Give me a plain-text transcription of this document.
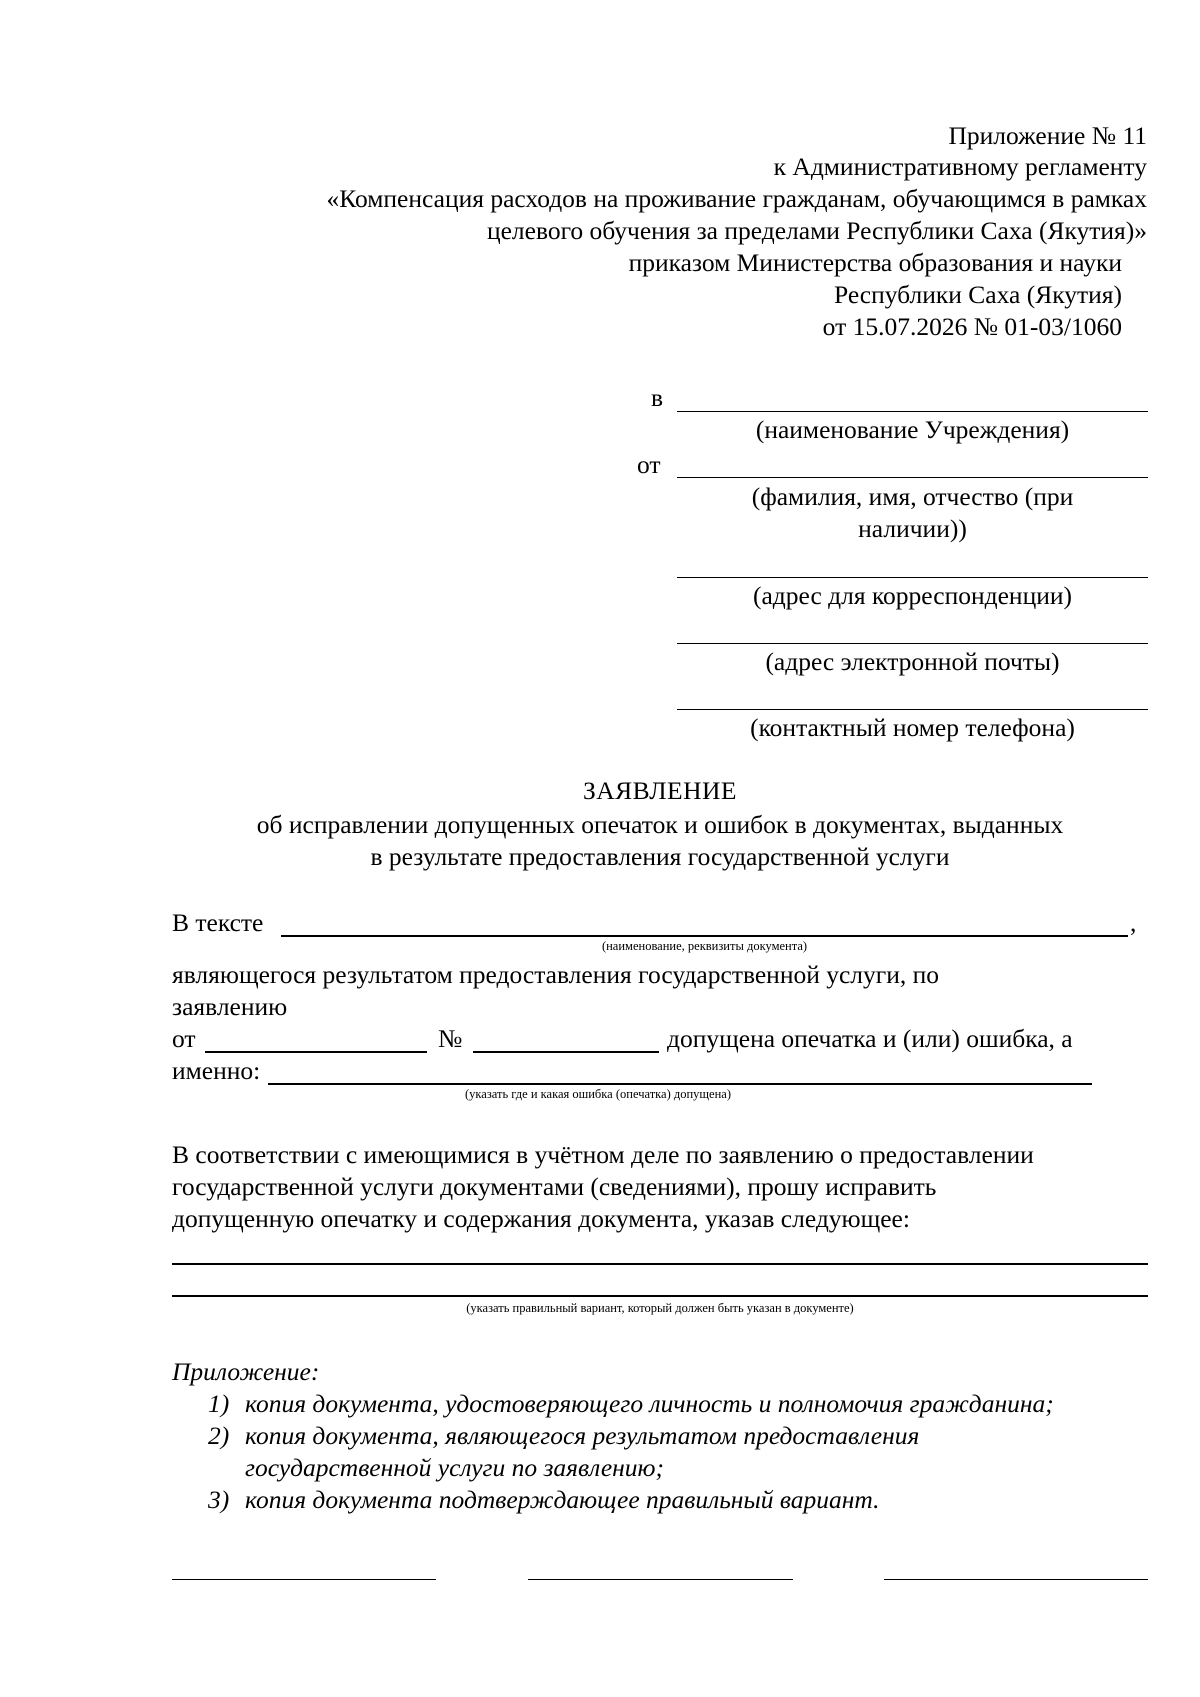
Приложение № 11
к Административному регламенту
«Компенсация расходов на проживание гражданам, обучающимся в рамках
целевого обучения за пределами Республики Саха (Якутия)»
приказом Министерства образования и науки
Республики Саха (Якутия)
от 15.07.2026 № 01-03/1060
в
(наименование Учреждения)
от
(фамилия, имя, отчество (при
наличии))
(адрес для корреспонденции)
(адрес электронной почты)
(контактный номер телефона)
ЗАЯВЛЕНИЕ
об исправлении допущенных опечаток и ошибок в документах, выданных
в результате предоставления государственной услуги
В тексте	,
(наименование, реквизиты документа)
являющегося результатом предоставления государственной услуги, по
заявлению
от	№	допущена опечатка и (или) ошибка, а
именно:
(указать где и какая ошибка (опечатка) допущена)
В соответствии с имеющимися в учётном деле по заявлению о предоставлении
государственной услуги документами (сведениями), прошу исправить
допущенную опечатку и содержания документа, указав следующее:
(указать правильный вариант, который должен быть указан в документе)
Приложение:
1) копия документа, удостоверяющего личность и полномочия гражданина;
2) копия документа, являющегося результатом предоставления
государственной услуги по заявлению;
3) копия документа подтверждающее правильный вариант.
